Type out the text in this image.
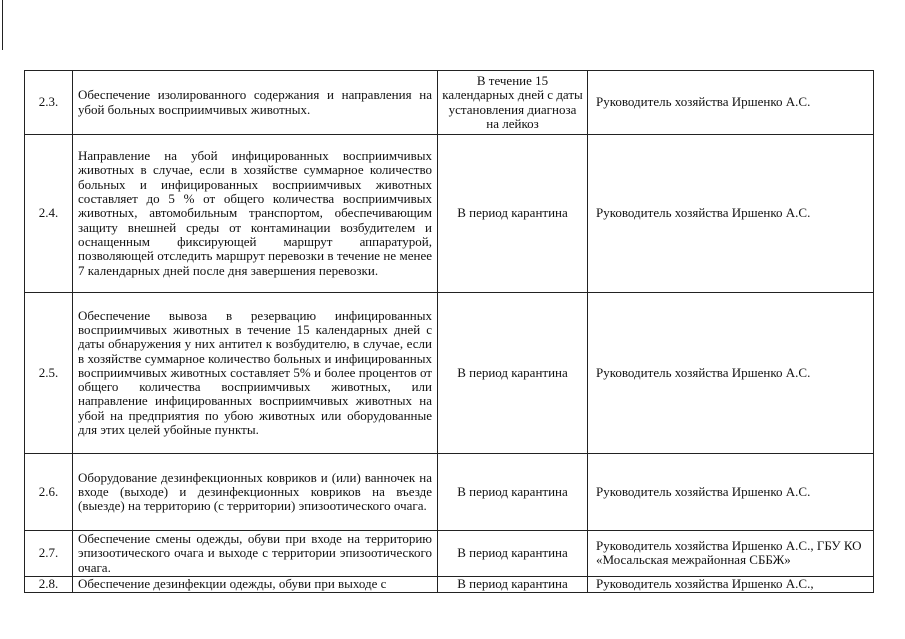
2.3.	Обеспечение изолированного содержания и направления на убой больных восприимчивых животных.	В течение 15 календарных дней с даты установления диагноза на лейкоз	Руководитель хозяйства Иршенко А.С.
2.4.	Направление на убой инфицированных восприимчивых животных в случае, если в хозяйстве суммарное количество больных и инфицированных восприимчивых животных составляет до 5 % от общего количества восприимчивых животных, автомобильным транспортом, обеспечивающим защиту внешней среды от контаминации возбудителем и оснащенным фиксирующей маршрут аппаратурой, позволяющей отследить маршрут перевозки в течение не менее 7 календарных дней после дня завершения перевозки.	В период карантина	Руководитель хозяйства Иршенко А.С.
2.5.	Обеспечение вывоза в резервацию инфицированных восприимчивых животных в течение 15 календарных дней с даты обнаружения у них антител к возбудителю, в случае, если в хозяйстве суммарное количество больных и инфицированных восприимчивых животных составляет 5% и более процентов от общего количества восприимчивых животных, или направление инфицированных восприимчивых животных на убой на предприятия по убою животных или оборудованные для этих целей убойные пункты.	В период карантина	Руководитель хозяйства Иршенко А.С.
2.6.	Оборудование дезинфекционных ковриков и (или) ванночек на входе (выходе) и дезинфекционных ковриков на въезде (выезде) на территорию (с территории) эпизоотического очага.	В период карантина	Руководитель хозяйства Иршенко А.С.
2.7.	Обеспечение смены одежды, обуви при входе на территорию эпизоотического очага и выходе с территории эпизоотического очага.	В период карантина	Руководитель хозяйства Иршенко А.С., ГБУ КО «Мосальская межрайонная СББЖ»
2.8.	Обеспечение дезинфекции одежды, обуви при выходе с	В период карантина	Руководитель хозяйства Иршенко А.С.,
